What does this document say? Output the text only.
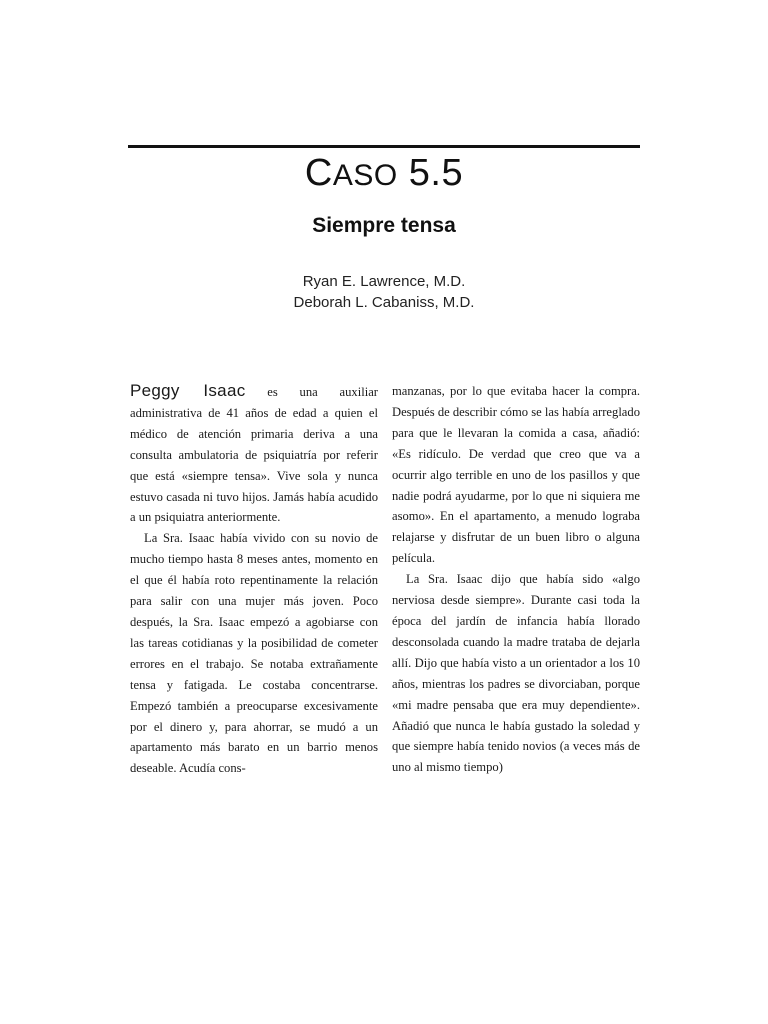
CASO 5.5
Siempre tensa
Ryan E. Lawrence, M.D.
Deborah L. Cabaniss, M.D.

Peggy Isaac es una auxiliar administrativa de 41 años de edad a quien el médico de atención primaria deriva a una consulta ambulatoria de psiquiatría por referir que está «siempre tensa». Vive sola y nunca estuvo casada ni tuvo hijos. Jamás había acudido a un psiquiatra anteriormente.

La Sra. Isaac había vivido con su novio de mucho tiempo hasta 8 meses antes, momento en el que él había roto repentinamente la relación para salir con una mujer más joven. Poco después, la Sra. Isaac empezó a agobiarse con las tareas cotidianas y la posibilidad de cometer errores en el trabajo. Se notaba extrañamente tensa y fatigada. Le costaba concentrarse. Empezó también a preocuparse excesivamente por el dinero y, para ahorrar, se mudó a un apartamento más barato en un barrio menos deseable. Acudía cons-

manzanas, por lo que evitaba hacer la compra. Después de describir cómo se las había arreglado para que le llevaran la comida a casa, añadió: «Es ridículo. De verdad que creo que va a ocurrir algo terrible en uno de los pasillos y que nadie podrá ayudarme, por lo que ni siquiera me asomo». En el apartamento, a menudo lograba relajarse y disfrutar de un buen libro o alguna película.

La Sra. Isaac dijo que había sido «algo nerviosa desde siempre». Durante casi toda la época del jardín de infancia había llorado desconsolada cuando la madre trataba de dejarla allí. Dijo que había visto a un orientador a los 10 años, mientras los padres se divorciaban, porque «mi madre pensaba que era muy dependiente». Añadió que nunca le había gustado la soledad y que siempre había tenido novios (a veces más de uno al mismo tiempo)
